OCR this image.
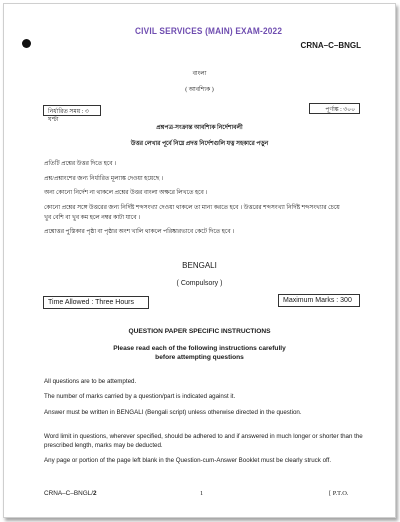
CIVIL SERVICES (MAIN) EXAM-2022
CRNA–C–BNGL
বাংলা
( আবশ্যিক )
নির্ধারিত সময় : ৩ ঘণ্টা
পূর্ণাঙ্ক : ৩০০
প্রশ্নপত্র-সংক্রান্ত আবশ্যিক নির্দেশাবলী
উত্তর লেখার পূর্বে নিম্নে প্রদত্ত নির্দেশগুলি যত্ন সহকারে পড়ুন
প্রতিটি প্রশ্নের উত্তর দিতে হবে ।
প্রশ্ন/প্রশ্নাংশের জন্য নির্ধারিত মূল্যাঙ্ক দেওয়া হয়েছে ।
অন্য কোনো নির্দেশ না থাকলে প্রশ্নের উত্তর বাংলা অক্ষরে লিখতে হবে ।
কোনো প্রশ্নের সঙ্গে উত্তরের জন্য নির্দিষ্ট শব্দসংখ্যা দেওয়া থাকলে তা মান্য করতে হবে । উত্তরের শব্দসংখ্যা নির্দিষ্ট শব্দসংখ্যার চেয়ে
খুব বেশি বা খুব কম হলে নম্বর কাটা যাবে ।
প্রশ্নোত্তর পুস্তিকার পৃষ্ঠা বা পৃষ্ঠার অংশ খালি থাকলে পরিষ্কারভাবে কেটে দিতে হবে ।
BENGALI
( Compulsory )
Time Allowed : Three Hours	Maximum Marks : 300
QUESTION PAPER SPECIFIC INSTRUCTIONS
Please read each of the following instructions carefully
before attempting questions
All questions are to be attempted.
The number of marks carried by a question/part is indicated against it.
Answer must be written in BENGALI (Bengali script) unless otherwise directed in the question.
Word limit in questions, wherever specified, should be adhered to and if answered in much longer or shorter than the prescribed length, marks may be deducted.
Any page or portion of the page left blank in the Question-cum-Answer Booklet must be clearly struck off.
CRNA–C–BNGL/2	1	[ P.T.O.
